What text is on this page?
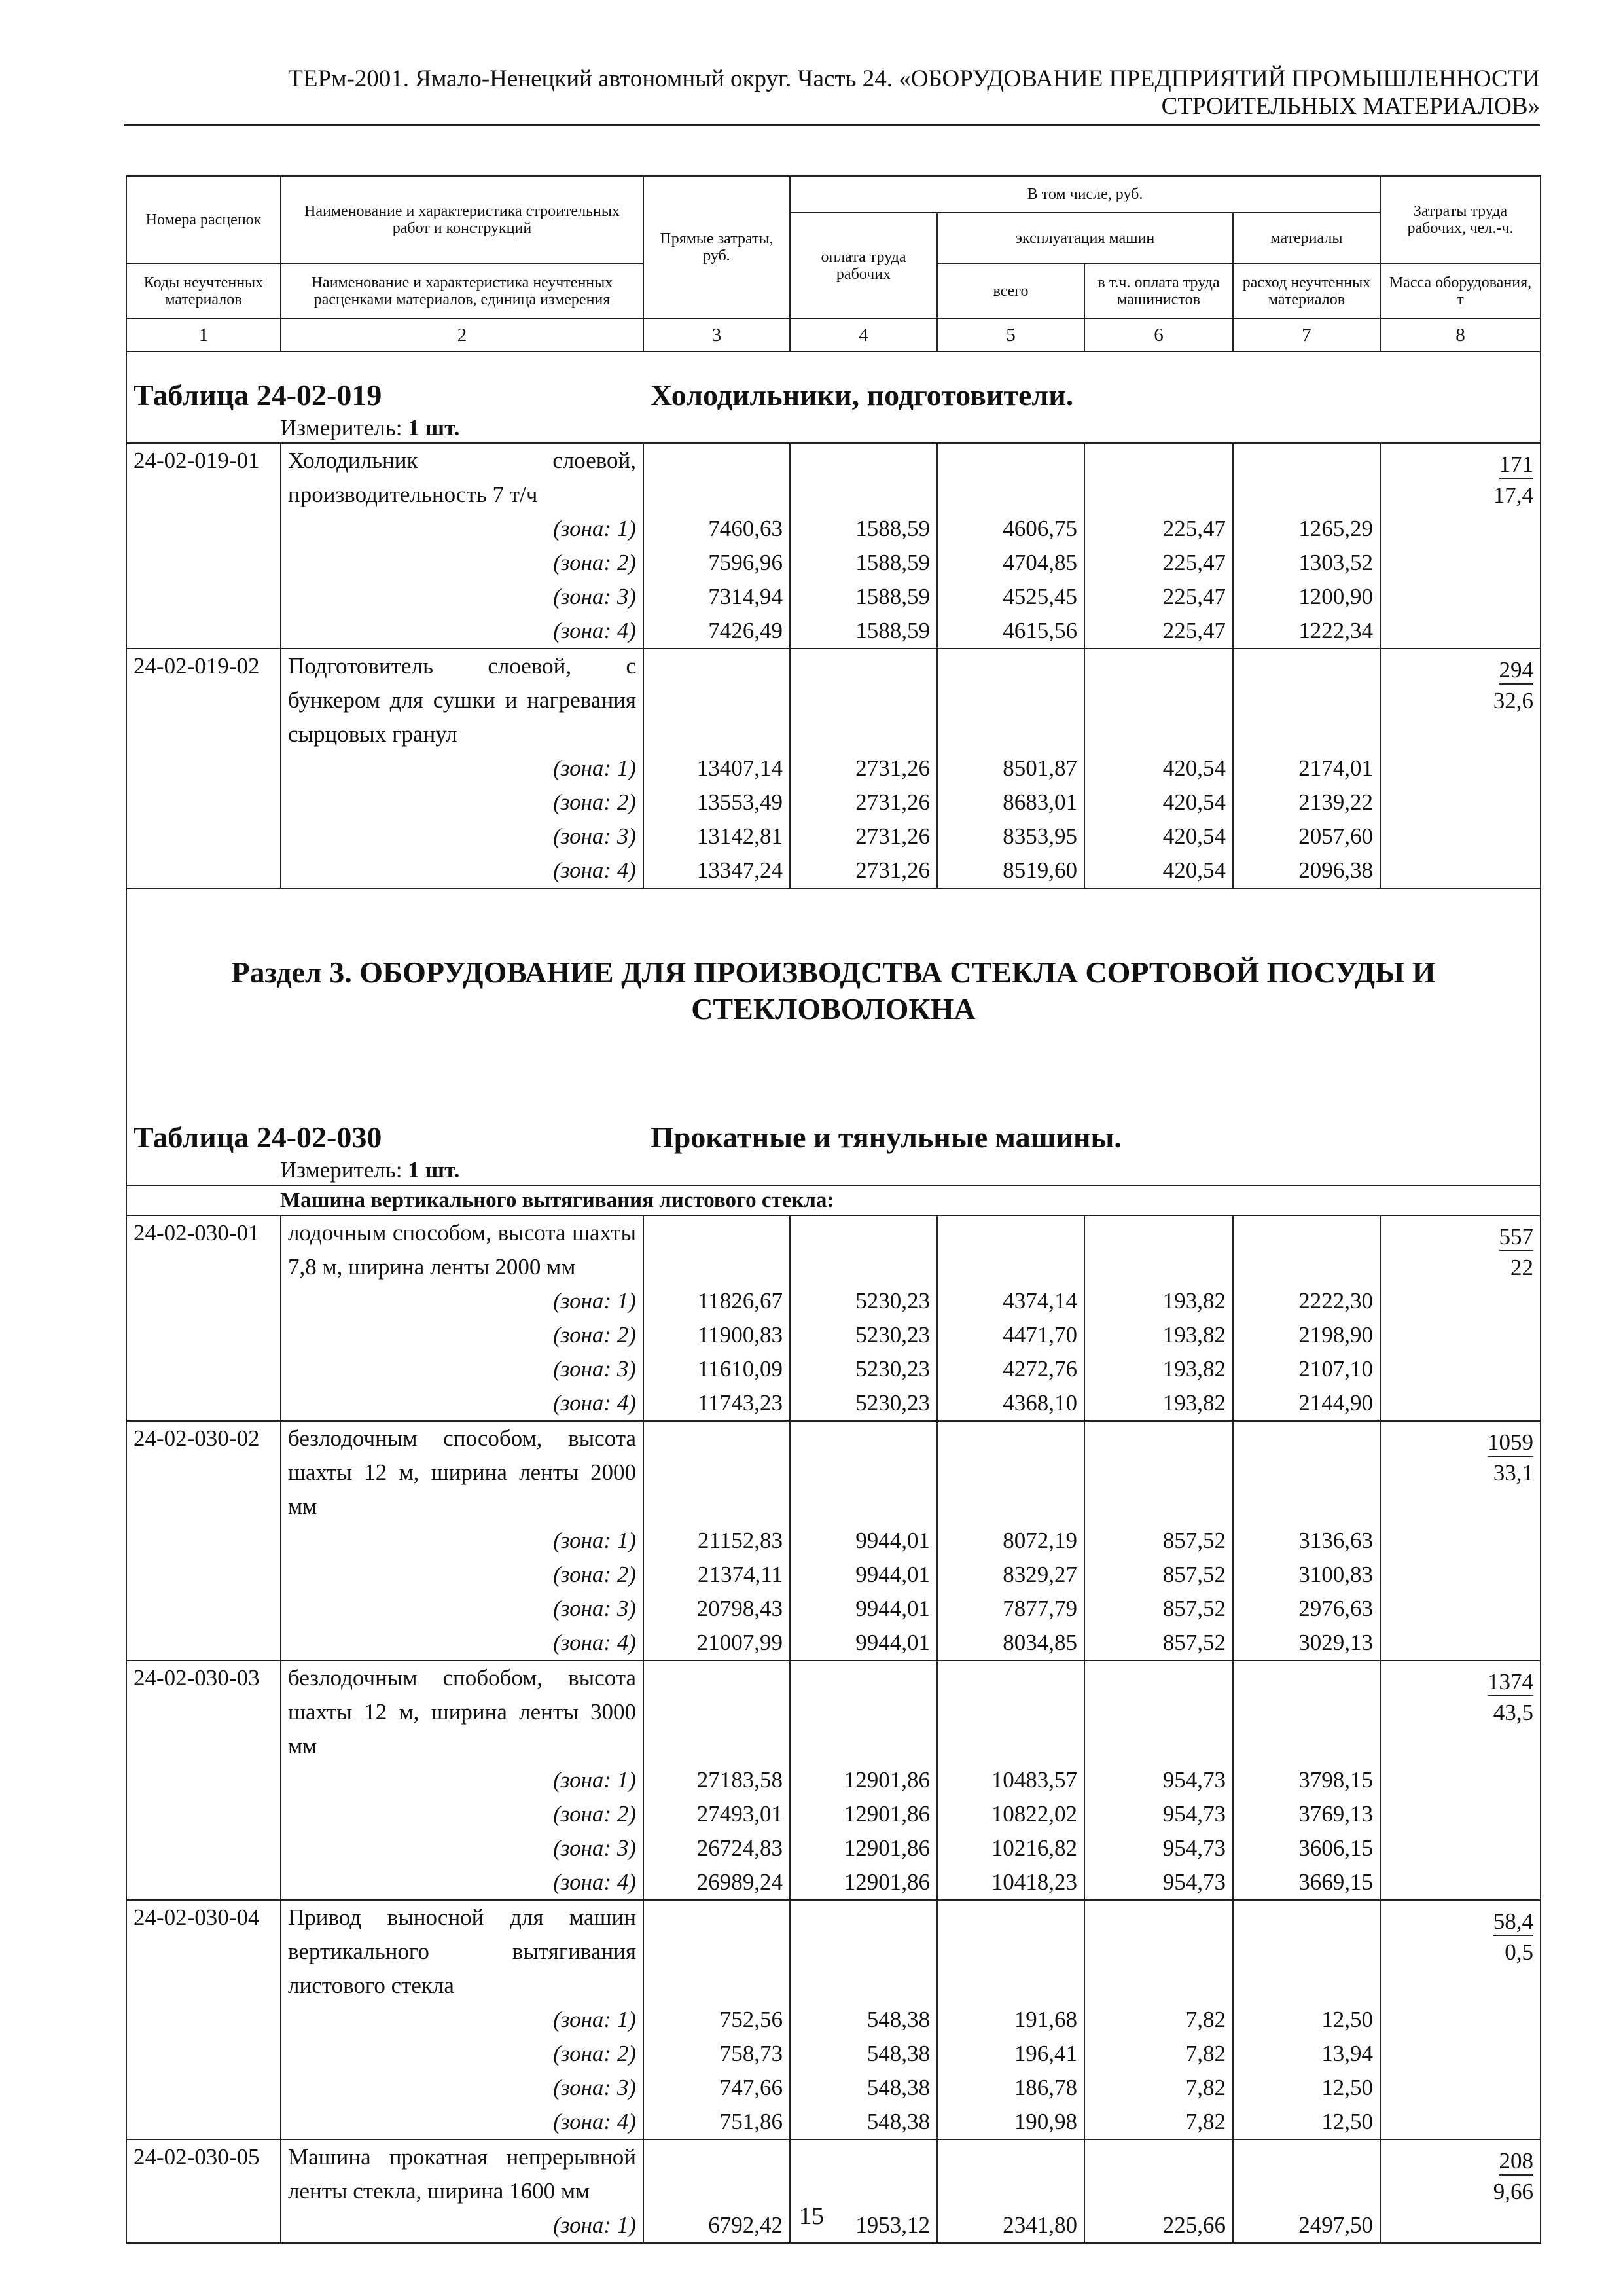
ТЕРм-2001. Ямало-Ненецкий автономный округ. Часть 24. «ОБОРУДОВАНИЕ ПРЕДПРИЯТИЙ ПРОМЫШЛЕННОСТИ
СТРОИТЕЛЬНЫХ МАТЕРИАЛОВ»
Номера расценок	Наименование и характеристика строительных работ и конструкций	Прямые затраты, руб.	В том числе, руб.				Затраты труда рабочих, чел.-ч.
			оплата труда рабочих	эксплуатация машин		материалы	
Коды неучтенных материалов	Наименование и характеристика неучтенных расценками материалов, единица измерения			всего	в т.ч. оплата труда машинистов	расход неучтенных материалов	Масса оборудования, т
1	2	3	4	5	6	7	8

Таблица 24-02-019 Холодильники, подготовители.							

Измеритель: 1 шт.							

24-02-019-01	Холодильник слоевой, производительность 7 т/ч						171
17,4

	(зона: 1)	7460,63	1588,59	4606,75	225,47	1265,29	
	(зона: 2)	7596,96	1588,59	4704,85	225,47	1303,52	
	(зона: 3)	7314,94	1588,59	4525,45	225,47	1200,90	
	(зона: 4)	7426,49	1588,59	4615,56	225,47	1222,34	
24-02-019-02	Подготовитель слоевой, с бункером для сушки и нагревания сырцовых гранул						294
32,6

	(зона: 1)	13407,14	2731,26	8501,87	420,54	2174,01	
	(зона: 2)	13553,49	2731,26	8683,01	420,54	2139,22	
	(зона: 3)	13142,81	2731,26	8353,95	420,54	2057,60	
	(зона: 4)	13347,24	2731,26	8519,60	420,54	2096,38	

Раздел 3. ОБОРУДОВАНИЕ ДЛЯ ПРОИЗВОДСТВА СТЕКЛА СОРТОВОЙ ПОСУДЫ И СТЕКЛОВОЛОКНА							

Таблица 24-02-030 Прокатные и тянульные машины.							

Измеритель: 1 шт.							

Машина вертикального вытягивания листового стекла:							

24-02-030-01	лодочным способом, высота шахты 7,8 м, ширина ленты 2000 мм						557
22

	(зона: 1)	11826,67	5230,23	4374,14	193,82	2222,30	
	(зона: 2)	11900,83	5230,23	4471,70	193,82	2198,90	
	(зона: 3)	11610,09	5230,23	4272,76	193,82	2107,10	
	(зона: 4)	11743,23	5230,23	4368,10	193,82	2144,90	
24-02-030-02	безлодочным способом, высота шахты 12 м, ширина ленты 2000 мм						1059
33,1

	(зона: 1)	21152,83	9944,01	8072,19	857,52	3136,63	
	(зона: 2)	21374,11	9944,01	8329,27	857,52	3100,83	
	(зона: 3)	20798,43	9944,01	7877,79	857,52	2976,63	
	(зона: 4)	21007,99	9944,01	8034,85	857,52	3029,13	
24-02-030-03	безлодочным спобобом, высота шахты 12 м, ширина ленты 3000 мм						1374
43,5

	(зона: 1)	27183,58	12901,86	10483,57	954,73	3798,15	
	(зона: 2)	27493,01	12901,86	10822,02	954,73	3769,13	
	(зона: 3)	26724,83	12901,86	10216,82	954,73	3606,15	
	(зона: 4)	26989,24	12901,86	10418,23	954,73	3669,15	
24-02-030-04	Привод выносной для машин вертикального вытягивания листового стекла						58,4
0,5

	(зона: 1)	752,56	548,38	191,68	7,82	12,50	
	(зона: 2)	758,73	548,38	196,41	7,82	13,94	
	(зона: 3)	747,66	548,38	186,78	7,82	12,50	
	(зона: 4)	751,86	548,38	190,98	7,82	12,50	
24-02-030-05	Машина прокатная непрерывной ленты стекла, ширина 1600 мм						208
9,66

	(зона: 1)	6792,42	1953,12	2341,80	225,66	2497,50	
15
